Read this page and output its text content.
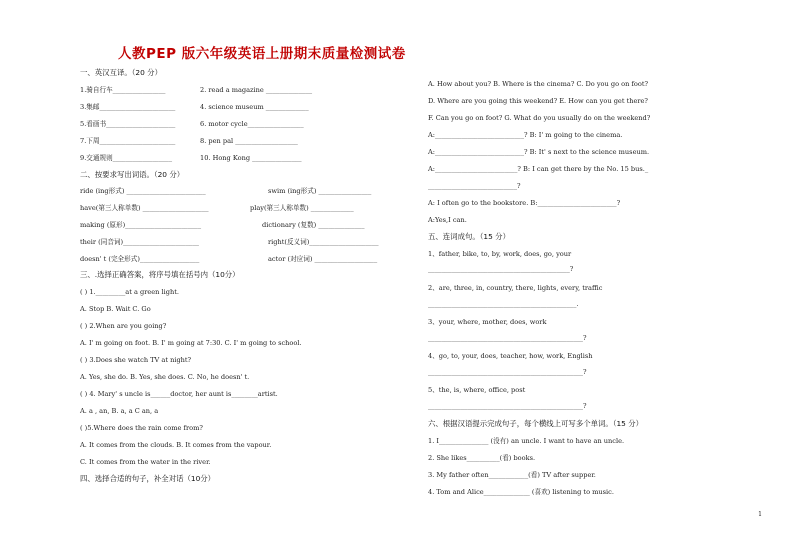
人教PEP 版六年级英语上册期末质量检测试卷
一、英汉互译。（20 分）
1.骑自行车________________	2. read a magazine ______________
3.集邮_______________________	4. science museum _____________
5.看画书_____________________	6. motor cycle_________________
7.下周_______________________	8. pen pal ___________________
9.交通规则__________________	10. Hong Kong _______________
二、按要求写出词语。（20 分）
ride (ing形式) ________________________	swim (ing形式) ________________
have(第三人称单数) ____________________	play(第三人称单数) _____________
making (原形)_______________________	dictionary (复数) ______________
their (同音词)_______________________	right(反义词)_____________________
doesn' t (完全形式)__________________	actor (对应词) ___________________
三、.选择正确答案，将序号填在括号内（10分）
( ) 1._________at a green light.
A. Stop B. Wait C. Go
( ) 2.When are you going?
A. I' m going on foot. B. I' m going at 7:30. C. I' m going to school.
( ) 3.Does she watch TV at night?
A. Yes, she do. B. Yes, she does. C. No, he doesn' t.
( ) 4. Mary' s uncle is______doctor, her aunt is________artist.
A. a , an, B. a, a C an, a
( )5.Where does the rain come from?
A. It comes from the clouds. B. It comes from the vapour.
C. It comes from the water in the river.
四、选择合适的句子，补全对话（10分）
A. How about you? B. Where is the cinema? C. Do you go on foot?
D. Where are you going this weekend? E. How can you get there?
F. Can you go on foot? G. What do you usually do on the weekend?
A:___________________________? B: I' m going to the cinema.
A:___________________________? B: It' s next to the science museum.
A:_________________________? B: I can get there by the No. 15 bus._
___________________________?
A: I often go to the bookstore. B:________________________?
A:Yes,I can.
五、连词成句。（15 分）
1、father, bike, to, by, work, does, go, your
___________________________________________?
2、are, three, in, country, there, lights, every, traffic
_____________________________________________.
3、your, where, mother, does, work
_______________________________________________?
4、go, to, your, does, teacher, how, work, English
_______________________________________________?
5、the, is, where, office, post
_______________________________________________?
六、根据汉语提示完成句子，每个横线上可写多个单词。（15 分）
1. I_______________ (没有) an uncle. I want to have an uncle.
2. She likes__________(看) books.
3. My father often____________(看) TV after supper.
4. Tom and Alice______________ (喜欢) listening to music.
1
